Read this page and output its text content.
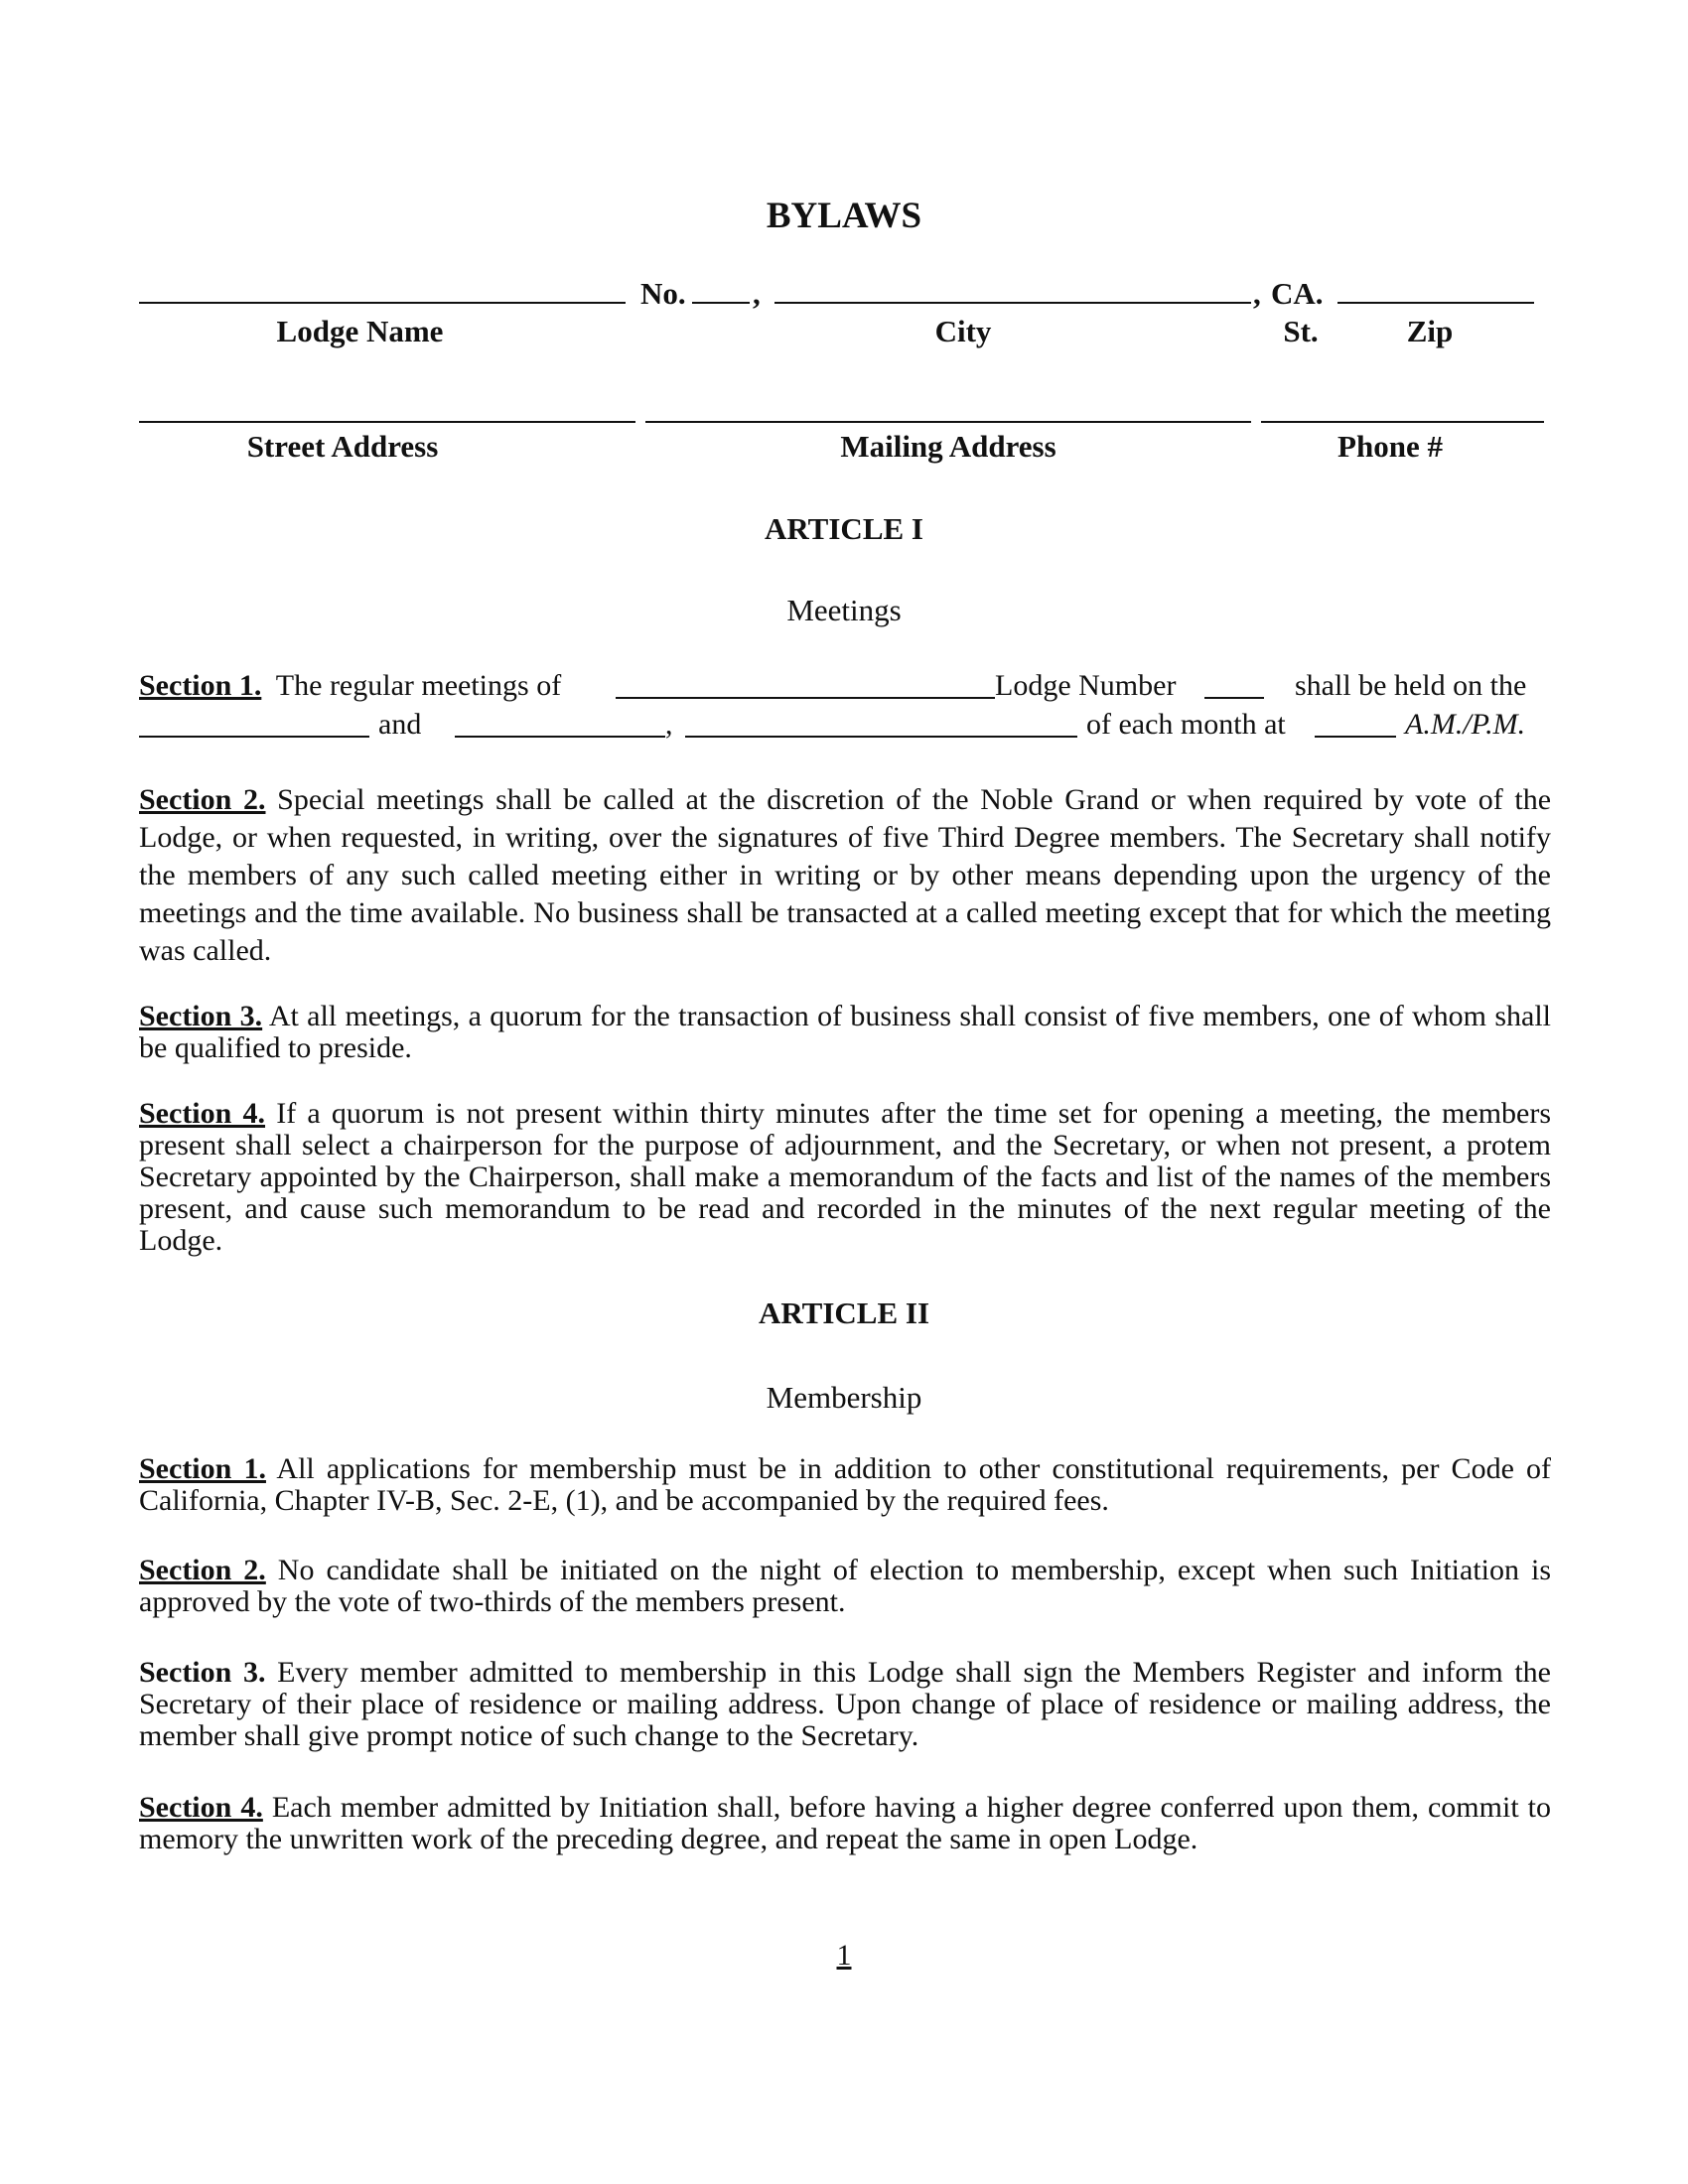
BYLAWS
No. ,	, CA.
Lodge Name	City	St.	Zip
Street Address	Mailing Address	Phone #
ARTICLE I
Meetings
Section 1. The regular meetings of	Lodge Number	shall be held on the
and	,	of each month at	A.M./P.M.
Section 2. Special meetings shall be called at the discretion of the Noble Grand or when required by vote of the Lodge, or when requested, in writing, over the signatures of five Third Degree members. The Secretary shall notify the members of any such called meeting either in writing or by other means depending upon the urgency of the meetings and the time available. No business shall be transacted at a called meeting except that for which the meeting was called.
Section 3. At all meetings, a quorum for the transaction of business shall consist of five members, one of whom shall be qualified to preside.
Section 4. If a quorum is not present within thirty minutes after the time set for opening a meeting, the members present shall select a chairperson for the purpose of adjournment, and the Secretary, or when not present, a protem Secretary appointed by the Chairperson, shall make a memorandum of the facts and list of the names of the members present, and cause such memorandum to be read and recorded in the minutes of the next regular meeting of the Lodge.
ARTICLE II
Membership
Section 1. All applications for membership must be in addition to other constitutional requirements, per Code of California, Chapter IV-B, Sec. 2-E, (1), and be accompanied by the required fees.
Section 2. No candidate shall be initiated on the night of election to membership, except when such Initiation is approved by the vote of two-thirds of the members present.
Section 3. Every member admitted to membership in this Lodge shall sign the Members Register and inform the Secretary of their place of residence or mailing address. Upon change of place of residence or mailing address, the member shall give prompt notice of such change to the Secretary.
Section 4. Each member admitted by Initiation shall, before having a higher degree conferred upon them, commit to memory the unwritten work of the preceding degree, and repeat the same in open Lodge.
1
